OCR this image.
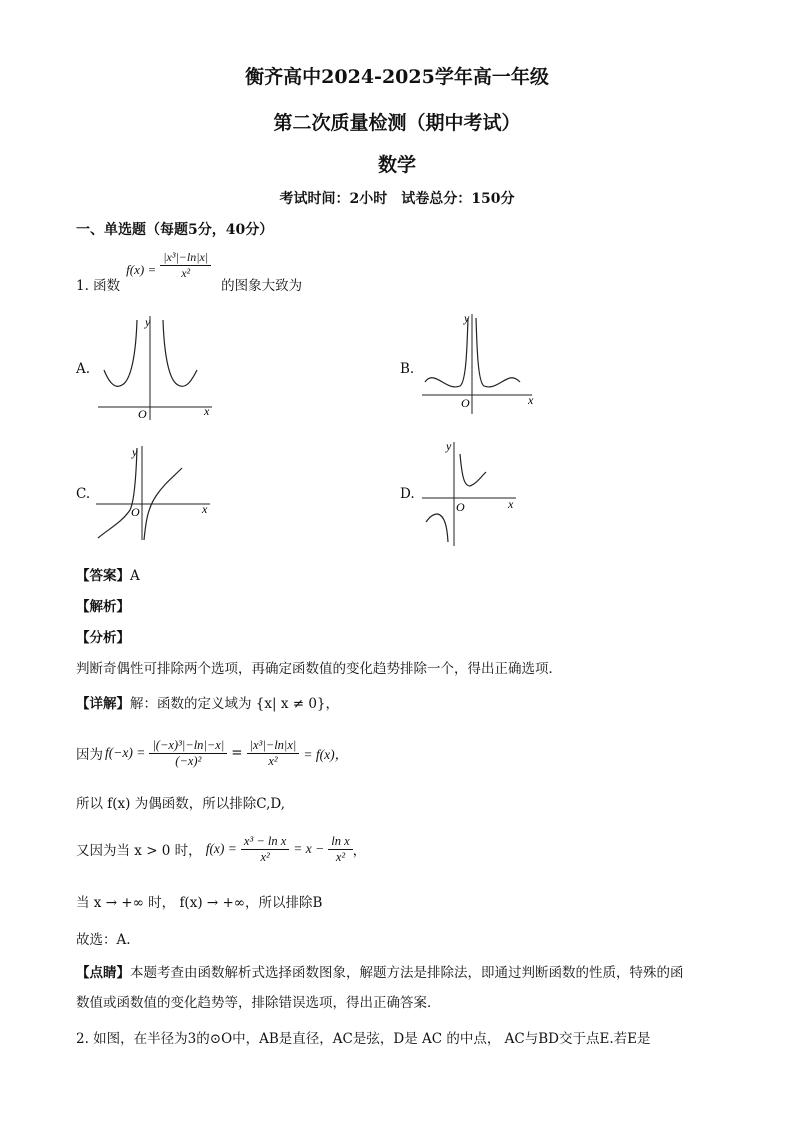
衡齐高中2024-2025学年高一年级
第二次质量检测（期中考试）
数学
考试时间：2小时　试卷总分：150分
一、单选题（每题5分，40分）
1. 函数
$f(x) = \frac{\text{|x³|−ln|x|}}{\text{x²}}$
的图象大致为
A.	B.
C.	D.
y
x
O
y
x
O
y
x
O
y
x
O
【答案】A
【解析】
【分析】
判断奇偶性可排除两个选项，再确定函数值的变化趋势排除一个，得出正确选项．
【详解】解：函数的定义域为 {x| x ≠ 0}，
因为 $f(-x) = \frac{\text{|(−x)³|−ln|−x|}}{\text{(−x)²}} = \frac{\text{|x³|−ln|x|}}{\text{x²}} = f(x)$，
所以 f(x) 为偶函数，所以排除C,D,
又因为当 x > 0 时， $f(x) = \frac{\text{x³ − ln x}}{\text{x²}} = x - \frac{\text{ln x}}{\text{x²}}$ ，
当 x → +∞ 时， f(x) → +∞，所以排除B
故选：A.
【点睛】本题考查由函数解析式选择函数图象，解题方法是排除法，即通过判断函数的性质，特殊的函
数值或函数值的变化趋势等，排除错误选项，得出正确答案．
2. 如图，在半径为3的⊙O中，AB是直径，AC是弦，D是 AC 的中点， AC与BD交于点E.若E是
